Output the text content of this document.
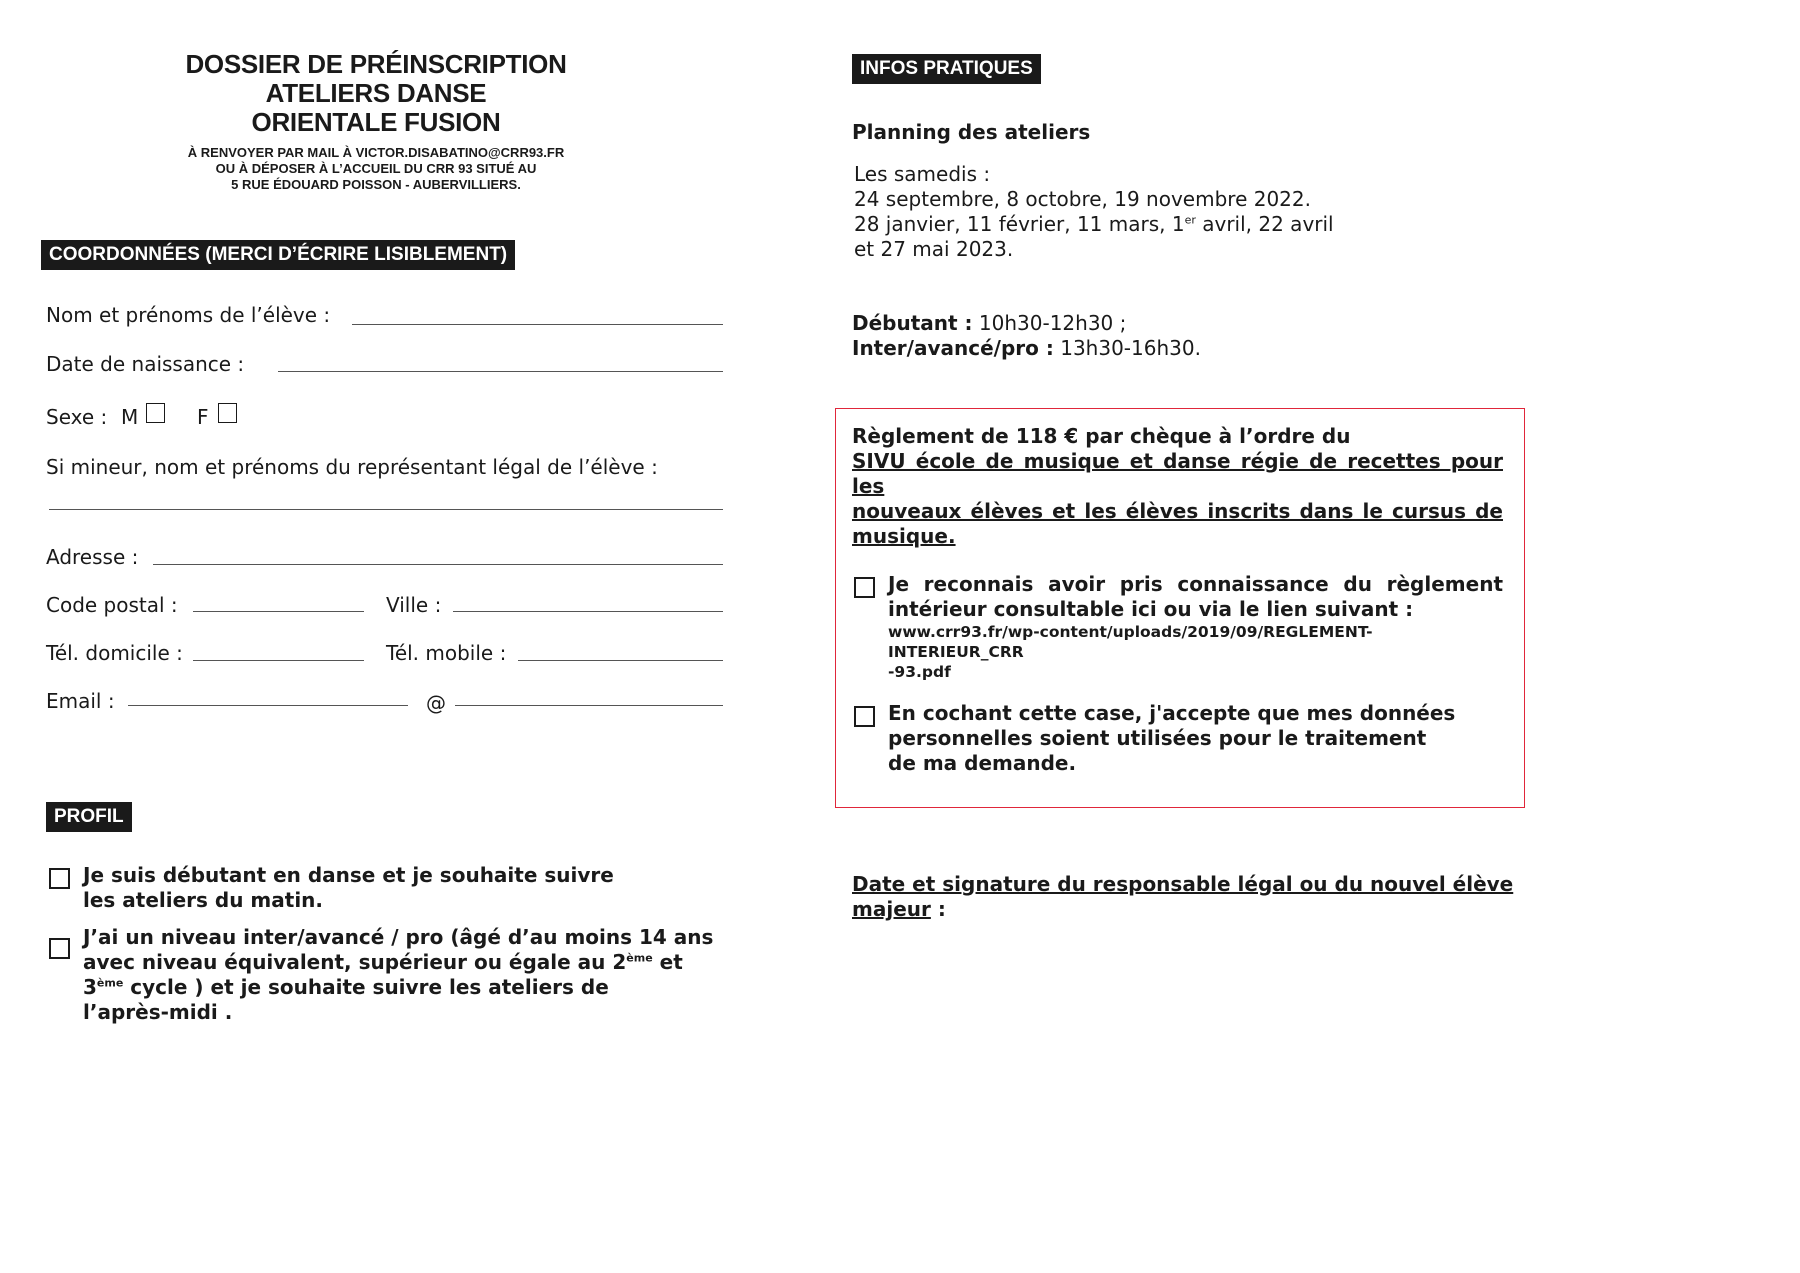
DOSSIER DE PRÉINSCRIPTION
ATELIERS DANSE
ORIENTALE FUSION
À RENVOYER PAR MAIL À VICTOR.DISABATINO@CRR93.FR
OU À DÉPOSER À L’ACCUEIL DU CRR 93 SITUÉ AU
5 RUE ÉDOUARD POISSON - AUBERVILLIERS.
COORDONNÉES (MERCI D’ÉCRIRE LISIBLEMENT)
Nom et prénoms de l’élève :
Date de naissance :
Sexe : M	F
Si mineur, nom et prénoms du représentant légal de l’élève :
Adresse :
Code postal :	Ville :
Tél. domicile :	Tél. mobile :
Email :	@
PROFIL
Je suis débutant en danse et je souhaite suivre
les ateliers du matin.
J’ai un niveau inter/avancé / pro (âgé d’au moins 14 ans
avec niveau équivalent, supérieur ou égale au 2ème et
3ème cycle ) et je souhaite suivre les ateliers de
l’après-midi .
INFOS PRATIQUES
Planning des ateliers
Les samedis :
24 septembre, 8 octobre, 19 novembre 2022.
28 janvier, 11 février, 11 mars, 1er avril, 22 avril
et 27 mai 2023.
Débutant : 10h30-12h30 ;
Inter/avancé/pro : 13h30-16h30.
Règlement de 118 € par chèque à l’ordre du
SIVU école de musique et danse régie de recettes pour les
nouveaux élèves et les élèves inscrits dans le cursus de
musique.
Je reconnais avoir pris connaissance du règlement
intérieur consultable ici ou via le lien suivant :
www.crr93.fr/wp-content/uploads/2019/09/REGLEMENT-INTERIEUR_CRR
-93.pdf
En cochant cette case, j'accepte que mes données
personnelles soient utilisées pour le traitement
de ma demande.
Date et signature du responsable légal ou du nouvel élève
majeur :
